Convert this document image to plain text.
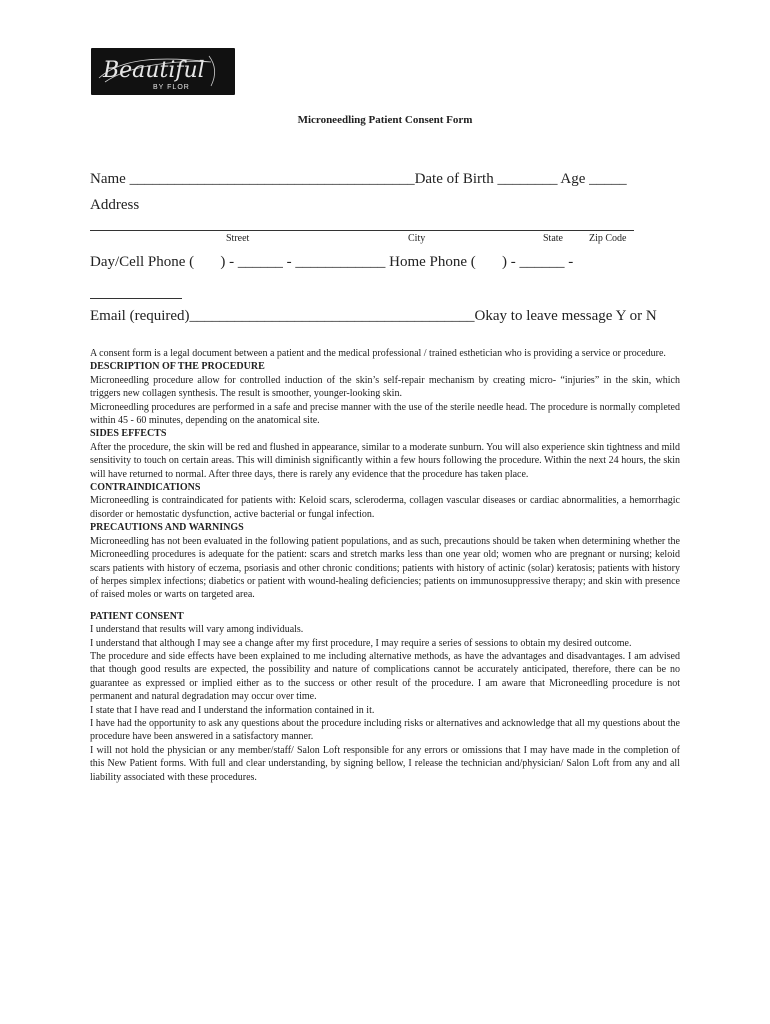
Beautiful
BY FLOR
Microneedling Patient Consent Form
Name ______________________________________Date of Birth ________ Age _____
Address
Street	City	State	Zip Code
Day/Cell Phone (       ) - ______ - ____________ Home Phone (       ) - ______ -
Email (required)______________________________________Okay to leave message Y or N

A consent form is a legal document between a patient and the medical professional / trained esthetician who is providing a service or procedure.

DESCRIPTION OF THE PROCEDURE

Microneedling procedure allow for controlled induction of the skin’s self-repair mechanism by creating micro- “injuries” in the skin, which triggers new collagen synthesis. The result is smoother, younger-looking skin.

Microneedling procedures are performed in a safe and precise manner with the use of the sterile needle head. The procedure is normally completed within 45 - 60 minutes, depending on the anatomical site.

SIDES EFFECTS

After the procedure, the skin will be red and flushed in appearance, similar to a moderate sunburn. You will also experience skin tightness and mild sensitivity to touch on certain areas. This will diminish significantly within a few hours following the procedure. Within the next 24 hours, the skin will have returned to normal. After three days, there is rarely any evidence that the procedure has taken place.

CONTRAINDICATIONS

Microneedling is contraindicated for patients with: Keloid scars, scleroderma, collagen vascular diseases or cardiac abnormalities, a hemorrhagic disorder or hemostatic dysfunction, active bacterial or fungal infection.

PRECAUTIONS AND WARNINGS

Microneedling has not been evaluated in the following patient populations, and as such, precautions should be taken when determining whether the Microneedling procedures is adequate for the patient: scars and stretch marks less than one year old; women who are pregnant or nursing; keloid scars patients with history of eczema, psoriasis and other chronic conditions; patients with history of actinic (solar) keratosis; patients with history of herpes simplex infections; diabetics or patient with wound-healing deficiencies; patients on immunosuppressive therapy; and skin with presence of raised moles or warts on targeted area.

PATIENT CONSENT

I understand that results will vary among individuals.

I understand that although I may see a change after my first procedure, I may require a series of sessions to obtain my desired outcome.

The procedure and side effects have been explained to me including alternative methods, as have the advantages and disadvantages. I am advised that though good results are expected, the possibility and nature of complications cannot be accurately anticipated, therefore, there can be no guarantee as expressed or implied either as to the success or other result of the procedure. I am aware that Microneedling procedure is not permanent and natural degradation may occur over time.

I state that I have read and I understand the information contained in it.

I have had the opportunity to ask any questions about the procedure including risks or alternatives and acknowledge that all my questions about the procedure have been answered in a satisfactory manner.

I will not hold the physician or any member/staff/ Salon Loft responsible for any errors or omissions that I may have made in the completion of this New Patient forms. With full and clear understanding, by signing bellow, I release the technician and/physician/ Salon Loft from any and all liability associated with these procedures.
